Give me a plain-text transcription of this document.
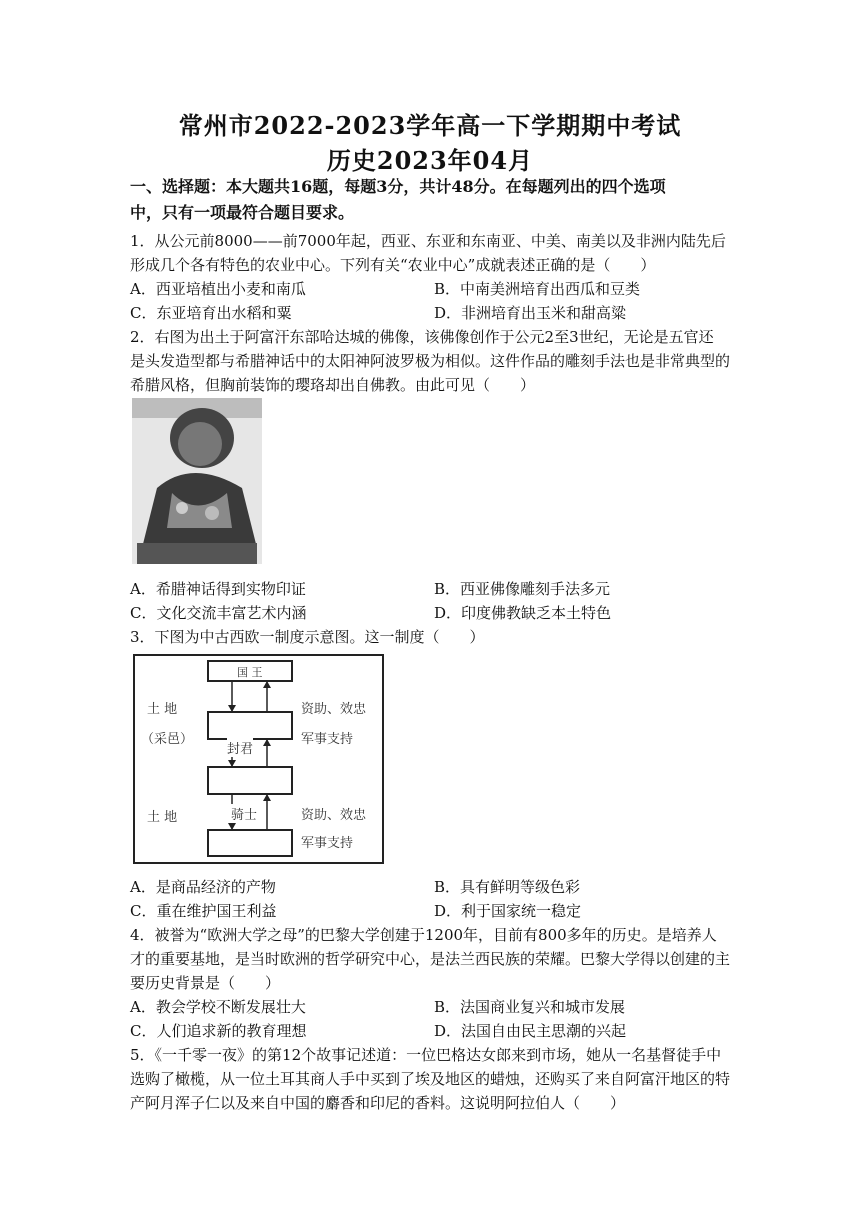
常州市2022-2023学年高一下学期期中考试
历史2023年04月
一、选择题：本大题共16题，每题3分，共计48分。在每题列出的四个选项
中，只有一项最符合题目要求。
1．从公元前8000——前7000年起，西亚、东亚和东南亚、中美、南美以及非洲内陆先后
形成几个各有特色的农业中心。下列有关“农业中心”成就表述正确的是（　　）
A．西亚培植出小麦和南瓜	B．中南美洲培育出西瓜和豆类
C．东亚培育出水稻和粟	D．非洲培育出玉米和甜高粱
2．右图为出土于阿富汗东部哈达城的佛像，该佛像创作于公元2至3世纪，无论是五官还
是头发造型都与希腊神话中的太阳神阿波罗极为相似。这件作品的雕刻手法也是非常典型的
希腊风格，但胸前装饰的璎珞却出自佛教。由此可见（　　）
A．希腊神话得到实物印证	B．西亚佛像雕刻手法多元
C．文化交流丰富艺术内涵	D．印度佛教缺乏本土特色
3．下图为中古西欧一制度示意图。这一制度（　　）
国 王
封君
骑士
土 地
（采邑）
土 地
资助、效忠
军事支持
资助、效忠
军事支持
A．是商品经济的产物	B．具有鲜明等级色彩
C．重在维护国王利益	D．利于国家统一稳定
4．被誉为“欧洲大学之母”的巴黎大学创建于1200年，目前有800多年的历史。是培养人
才的重要基地，是当时欧洲的哲学研究中心，是法兰西民族的荣耀。巴黎大学得以创建的主
要历史背景是（　　）
A．教会学校不断发展壮大	B．法国商业复兴和城市发展
C．人们追求新的教育理想	D．法国自由民主思潮的兴起
5．《一千零一夜》的第12个故事记述道：一位巴格达女郎来到市场，她从一名基督徒手中
选购了橄榄，从一位土耳其商人手中买到了埃及地区的蜡烛，还购买了来自阿富汗地区的特
产阿月浑子仁以及来自中国的麝香和印尼的香料。这说明阿拉伯人（　　）
